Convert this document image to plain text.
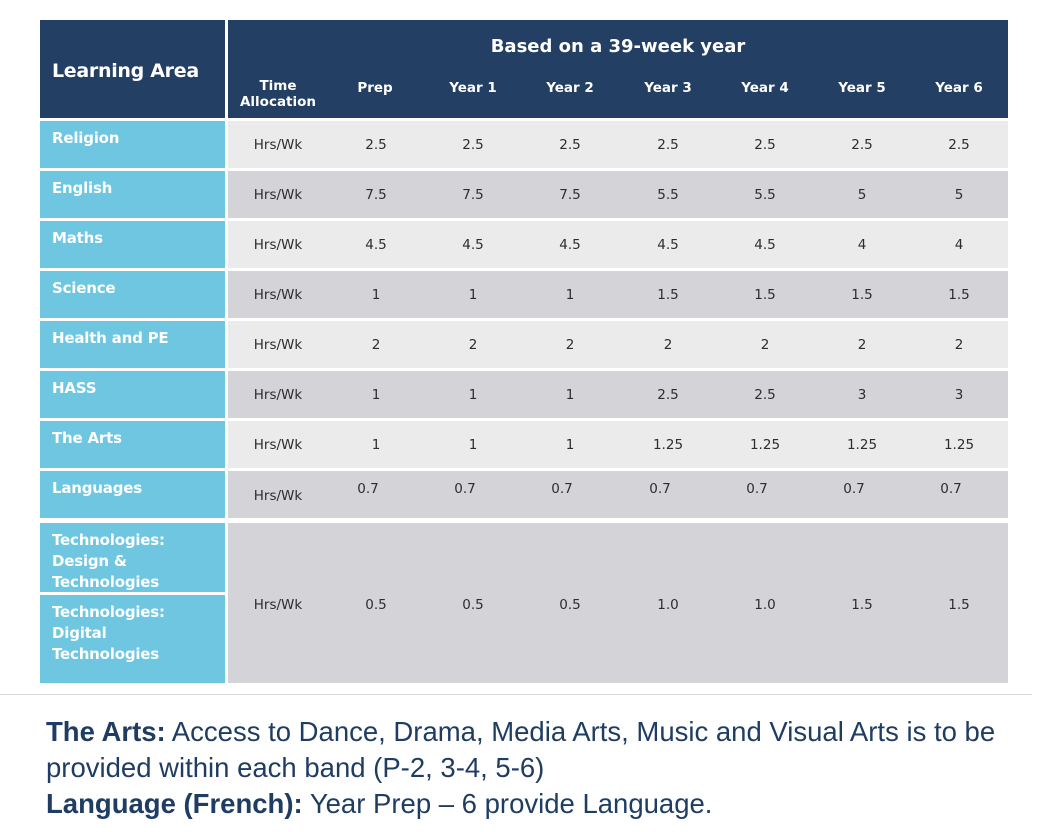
Learning Area
Based on a 39-week year
Time Allocation
Prep	Year 1	Year 2	Year 3	Year 4	Year 5	Year 6
Religion	Hrs/Wk	2.5	2.5	2.5	2.5	2.5	2.5	2.5
English	Hrs/Wk	7.5	7.5	7.5	5.5	5.5	5	5
Maths	Hrs/Wk	4.5	4.5	4.5	4.5	4.5	4	4
Science	Hrs/Wk	1	1	1	1.5	1.5	1.5	1.5
Health and PE	Hrs/Wk	2	2	2	2	2	2	2
HASS	Hrs/Wk	1	1	1	2.5	2.5	3	3
The Arts	Hrs/Wk	1	1	1	1.25	1.25	1.25	1.25
Languages	Hrs/Wk	0.7	0.7	0.7	0.7	0.7	0.7	0.7
Technologies: Design & Technologies
Technologies: Digital Technologies
Hrs/Wk	0.5	0.5	0.5	1.0	1.0	1.5	1.5
The Arts: Access to Dance, Drama, Media Arts, Music and Visual Arts is to be provided within each band (P-2, 3-4, 5-6)
Language (French): Year Prep – 6 provide Language.
